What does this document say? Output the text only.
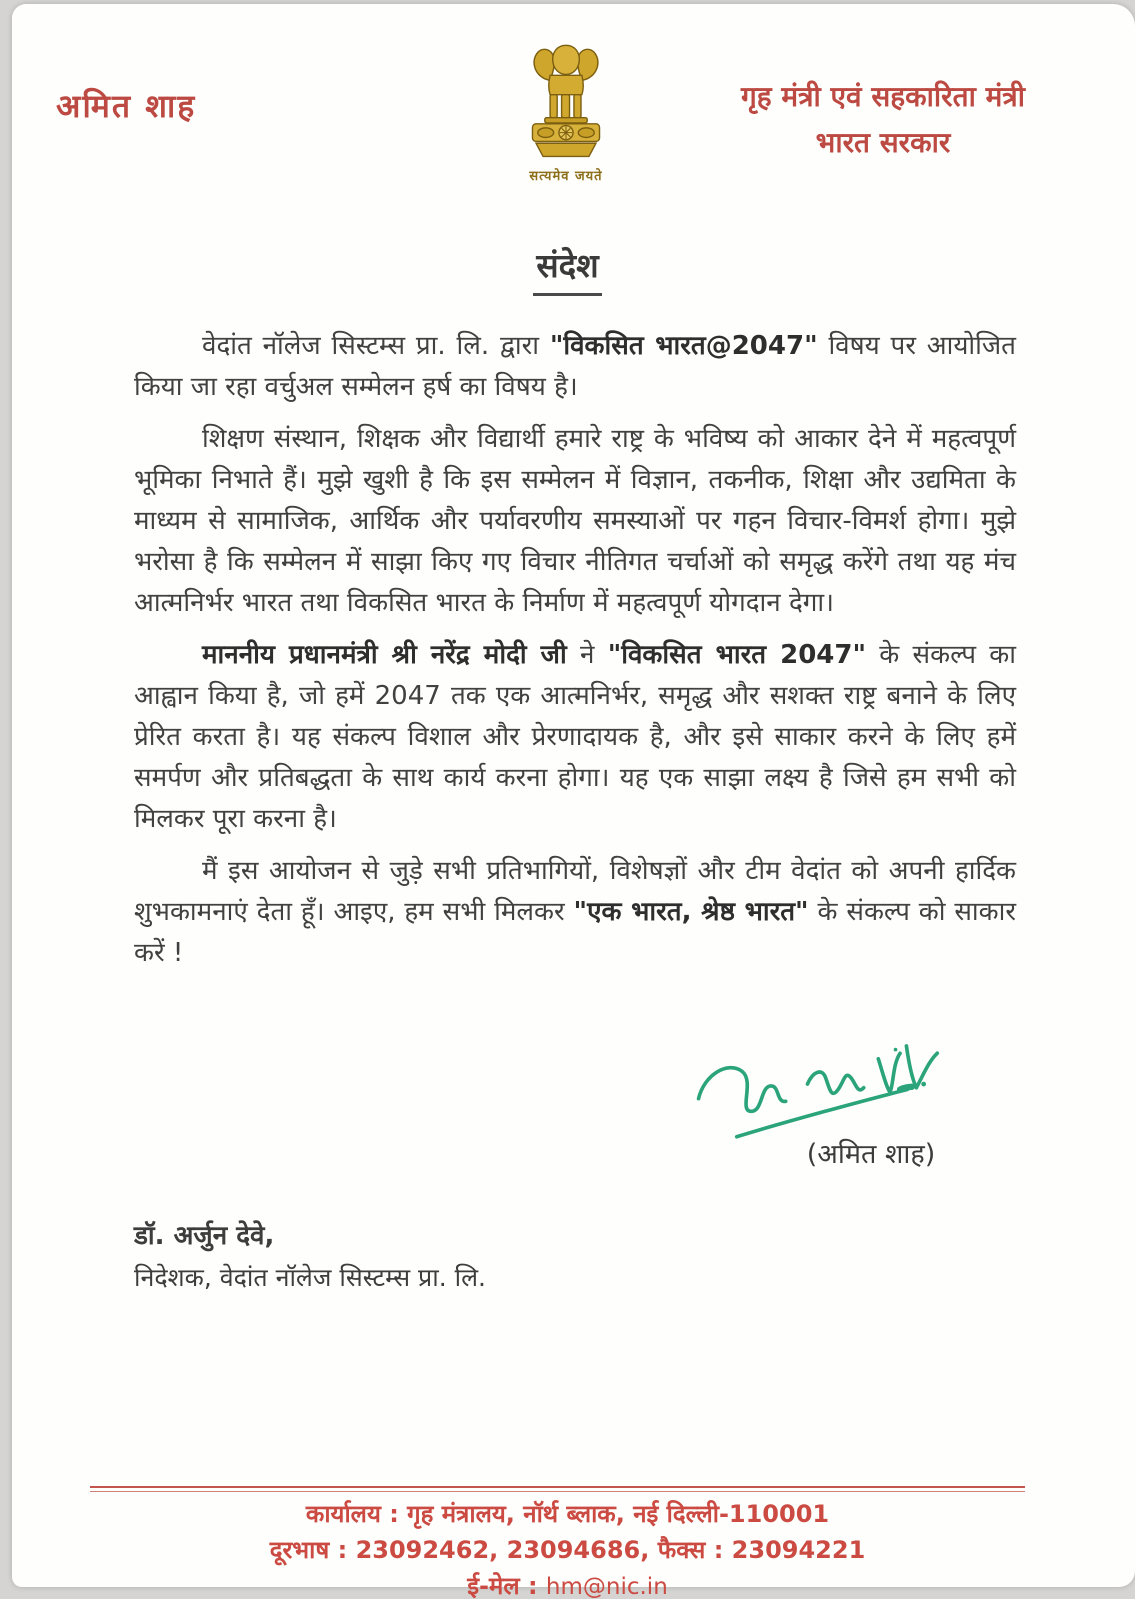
अमित शाह
सत्यमेव जयते
गृह मंत्री एवं सहकारिता मंत्री
भारत सरकार
संदेश

वेदांत नॉलेज सिस्टम्स प्रा. लि. द्वारा "विकसित भारत@2047" विषय पर आयोजित किया जा रहा वर्चुअल सम्मेलन हर्ष का विषय है।

शिक्षण संस्थान, शिक्षक और विद्यार्थी हमारे राष्ट्र के भविष्य को आकार देने में महत्वपूर्ण भूमिका निभाते हैं। मुझे खुशी है कि इस सम्मेलन में विज्ञान, तकनीक, शिक्षा और उद्यमिता के माध्यम से सामाजिक, आर्थिक और पर्यावरणीय समस्याओं पर गहन विचार-विमर्श होगा। मुझे भरोसा है कि सम्मेलन में साझा किए गए विचार नीतिगत चर्चाओं को समृद्ध करेंगे तथा यह मंच आत्मनिर्भर भारत तथा विकसित भारत के निर्माण में महत्वपूर्ण योगदान देगा।

माननीय प्रधानमंत्री श्री नरेंद्र मोदी जी ने "विकसित भारत 2047" के संकल्प का आह्वान किया है, जो हमें 2047 तक एक आत्मनिर्भर, समृद्ध और सशक्त राष्ट्र बनाने के लिए प्रेरित करता है। यह संकल्प विशाल और प्रेरणादायक है, और इसे साकार करने के लिए हमें समर्पण और प्रतिबद्धता के साथ कार्य करना होगा। यह एक साझा लक्ष्य है जिसे हम सभी को मिलकर पूरा करना है।

मैं इस आयोजन से जुड़े सभी प्रतिभागियों, विशेषज्ञों और टीम वेदांत को अपनी हार्दिक शुभकामनाएं देता हूँ। आइए, हम सभी मिलकर "एक भारत, श्रेष्ठ भारत" के संकल्प को साकार करें !

(अमित शाह)
डॉ. अर्जुन देवे,
निदेशक, वेदांत नॉलेज सिस्टम्स प्रा. लि.
कार्यालय : गृह मंत्रालय, नॉर्थ ब्लाक, नई दिल्ली-110001
दूरभाष : 23092462, 23094686, फैक्स : 23094221
ई-मेल : hm@nic.in
